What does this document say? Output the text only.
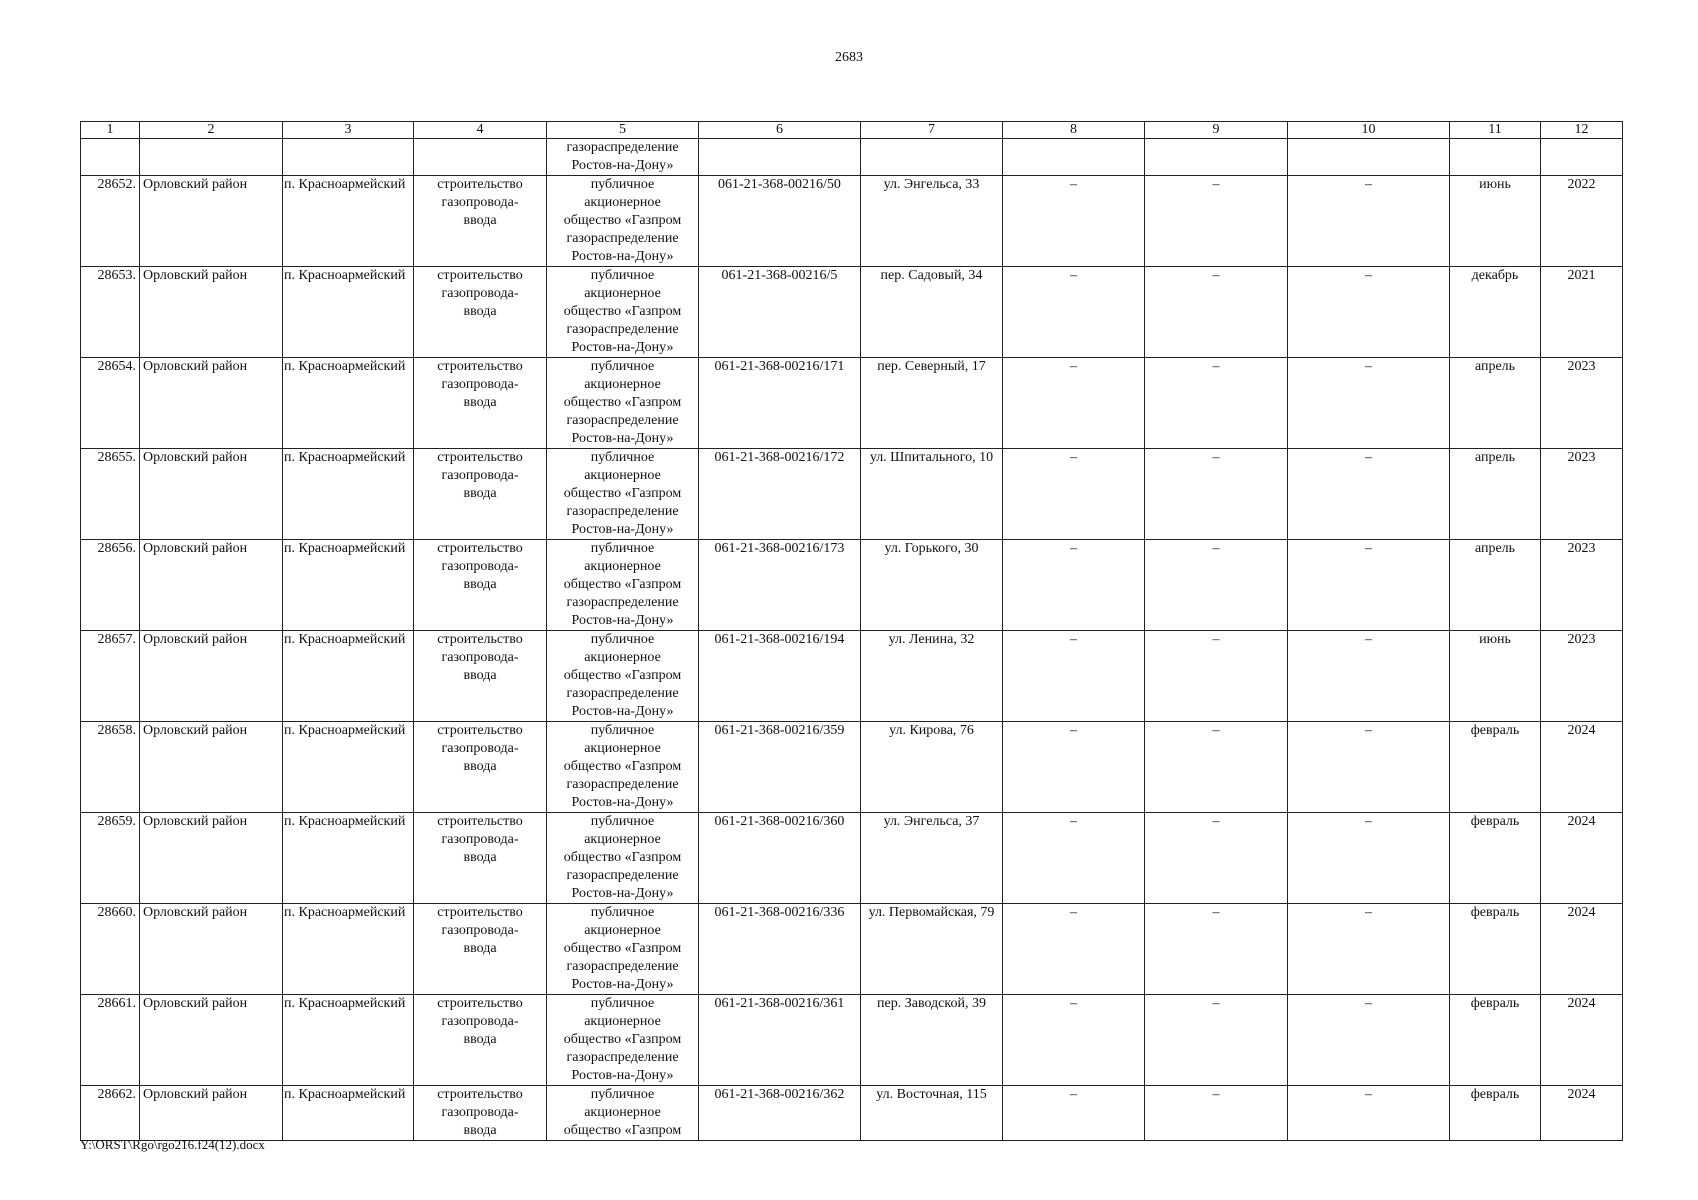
2683
1	2	3	4	5	6	7	8	9	10	11	12
				газораспределение
Ростов-на-Дону»							
28652.	Орловский район	п. Красноармейский	строительство
газопровода-
ввода	публичное
акционерное
общество «Газпром
газораспределение
Ростов-на-Дону»	061-21-368-00216/50	ул. Энгельса, 33	–	–	–	июнь	2022
28653.	Орловский район	п. Красноармейский	строительство
газопровода-
ввода	публичное
акционерное
общество «Газпром
газораспределение
Ростов-на-Дону»	061-21-368-00216/5	пер. Садовый, 34	–	–	–	декабрь	2021
28654.	Орловский район	п. Красноармейский	строительство
газопровода-
ввода	публичное
акционерное
общество «Газпром
газораспределение
Ростов-на-Дону»	061-21-368-00216/171	пер. Северный, 17	–	–	–	апрель	2023
28655.	Орловский район	п. Красноармейский	строительство
газопровода-
ввода	публичное
акционерное
общество «Газпром
газораспределение
Ростов-на-Дону»	061-21-368-00216/172	ул. Шпитального, 10	–	–	–	апрель	2023
28656.	Орловский район	п. Красноармейский	строительство
газопровода-
ввода	публичное
акционерное
общество «Газпром
газораспределение
Ростов-на-Дону»	061-21-368-00216/173	ул. Горького, 30	–	–	–	апрель	2023
28657.	Орловский район	п. Красноармейский	строительство
газопровода-
ввода	публичное
акционерное
общество «Газпром
газораспределение
Ростов-на-Дону»	061-21-368-00216/194	ул. Ленина, 32	–	–	–	июнь	2023
28658.	Орловский район	п. Красноармейский	строительство
газопровода-
ввода	публичное
акционерное
общество «Газпром
газораспределение
Ростов-на-Дону»	061-21-368-00216/359	ул. Кирова, 76	–	–	–	февраль	2024
28659.	Орловский район	п. Красноармейский	строительство
газопровода-
ввода	публичное
акционерное
общество «Газпром
газораспределение
Ростов-на-Дону»	061-21-368-00216/360	ул. Энгельса, 37	–	–	–	февраль	2024
28660.	Орловский район	п. Красноармейский	строительство
газопровода-
ввода	публичное
акционерное
общество «Газпром
газораспределение
Ростов-на-Дону»	061-21-368-00216/336	ул. Первомайская, 79	–	–	–	февраль	2024
28661.	Орловский район	п. Красноармейский	строительство
газопровода-
ввода	публичное
акционерное
общество «Газпром
газораспределение
Ростов-на-Дону»	061-21-368-00216/361	пер. Заводской, 39	–	–	–	февраль	2024
28662.	Орловский район	п. Красноармейский	строительство
газопровода-
ввода	публичное
акционерное
общество «Газпром	061-21-368-00216/362	ул. Восточная, 115	–	–	–	февраль	2024
Y:\ORST\Rgo\rgo216.f24(12).docx
